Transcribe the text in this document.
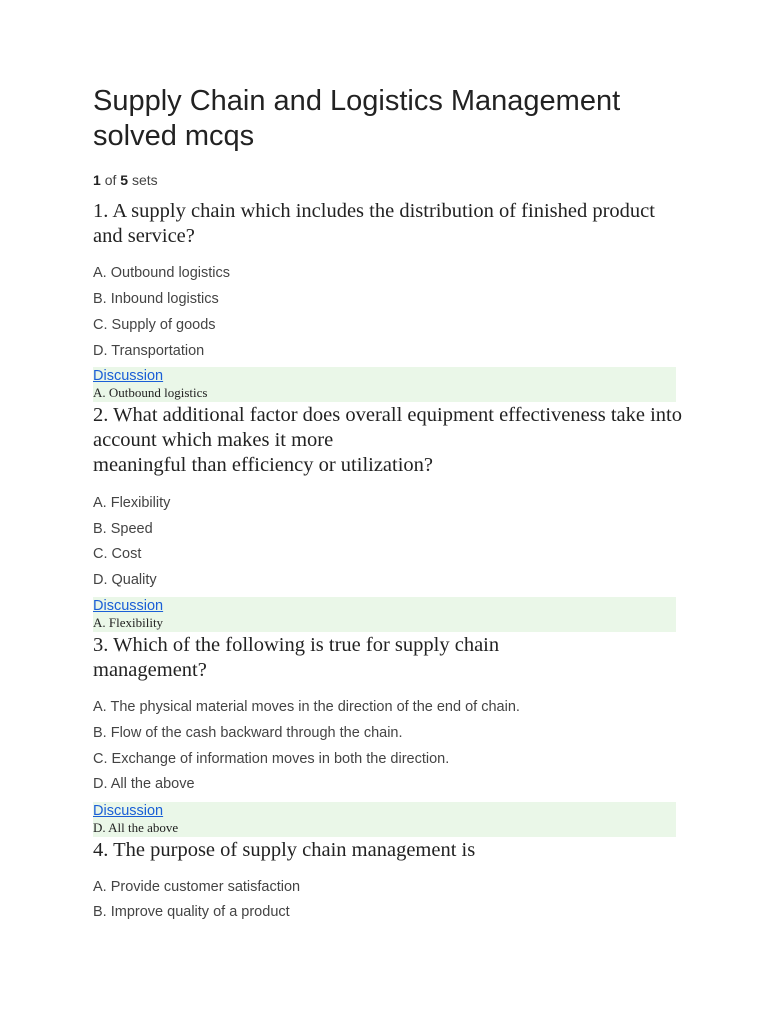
Supply Chain and Logistics Management solved mcqs

1 of 5 sets

1. A supply chain which includes the distribution of finished product and service?

A. Outbound logistics

B. Inbound logistics

C. Supply of goods

D. Transportation

Discussion
A. Outbound logistics
2. What additional factor does overall equipment effectiveness take into account which makes it more
meaningful than efficiency or utilization?

A. Flexibility

B. Speed

C. Cost

D. Quality

Discussion
A. Flexibility

3. Which of the following is true for supply chain management?

A. The physical material moves in the direction of the end of chain.

B. Flow of the cash backward through the chain.

C. Exchange of information moves in both the direction.

D. All the above

Discussion
D. All the above

4. The purpose of supply chain management is

A. Provide customer satisfaction

B. Improve quality of a product
